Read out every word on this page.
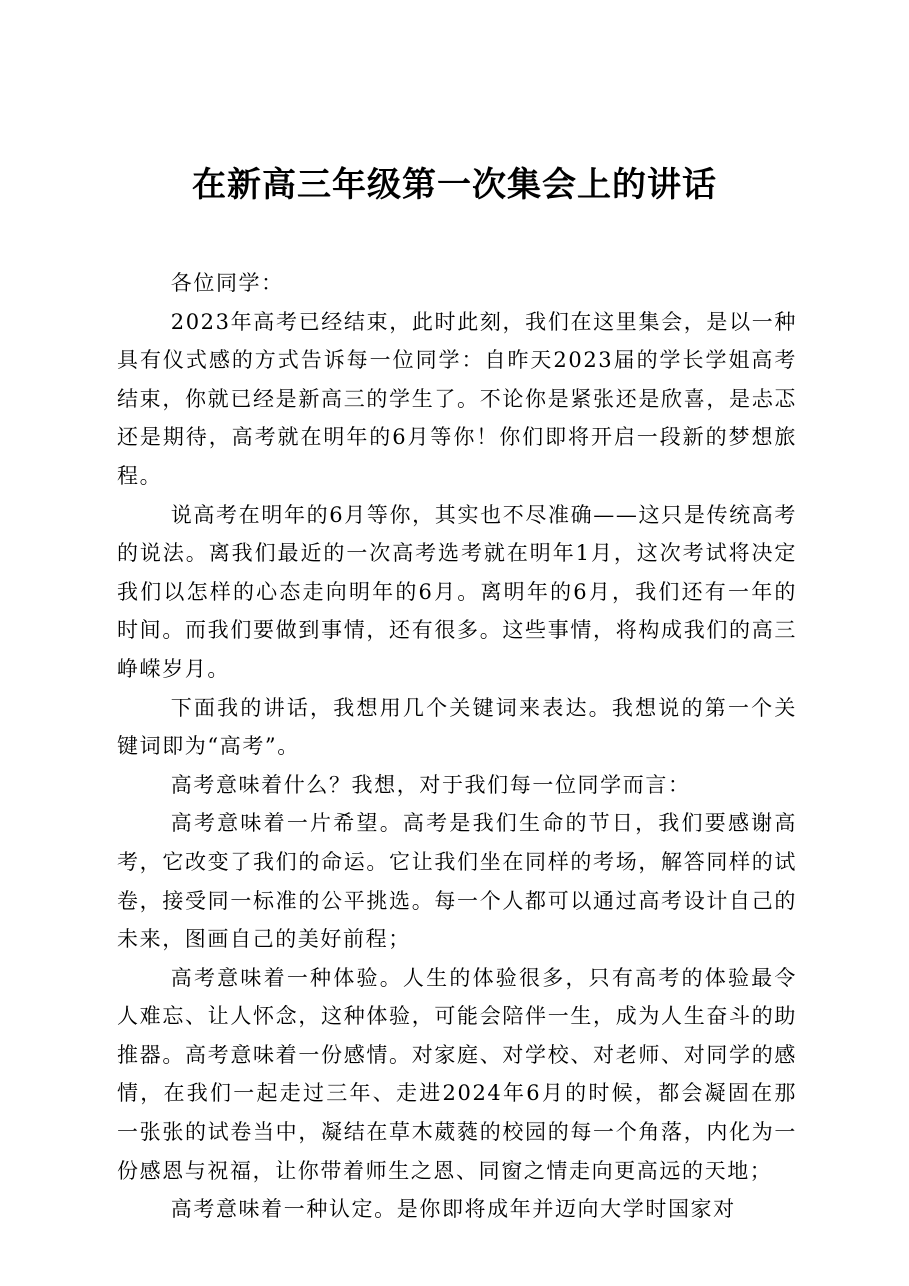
在新高三年级第一次集会上的讲话

各位同学：

2023年高考已经结束，此时此刻，我们在这里集会，是以一种具有仪式感的方式告诉每一位同学：自昨天2023届的学长学姐高考结束，你就已经是新高三的学生了。不论你是紧张还是欣喜，是忐忑还是期待，高考就在明年的6月等你！你们即将开启一段新的梦想旅程。

说高考在明年的6月等你，其实也不尽准确——这只是传统高考的说法。离我们最近的一次高考选考就在明年1月，这次考试将决定我们以怎样的心态走向明年的6月。离明年的6月，我们还有一年的时间。而我们要做到事情，还有很多。这些事情，将构成我们的高三峥嵘岁月。

下面我的讲话，我想用几个关键词来表达。我想说的第一个关键词即为“高考”。

高考意味着什么？我想，对于我们每一位同学而言：

高考意味着一片希望。高考是我们生命的节日，我们要感谢高考，它改变了我们的命运。它让我们坐在同样的考场，解答同样的试卷，接受同一标准的公平挑选。每一个人都可以通过高考设计自己的未来，图画自己的美好前程；

高考意味着一种体验。人生的体验很多，只有高考的体验最令人难忘、让人怀念，这种体验，可能会陪伴一生，成为人生奋斗的助推器。高考意味着一份感情。对家庭、对学校、对老师、对同学的感情，在我们一起走过三年、走进2024年6月的时候，都会凝固在那一张张的试卷当中，凝结在草木葳蕤的校园的每一个角落，内化为一份感恩与祝福，让你带着师生之恩、同窗之情走向更高远的天地；

高考意味着一种认定。是你即将成年并迈向大学时国家对
